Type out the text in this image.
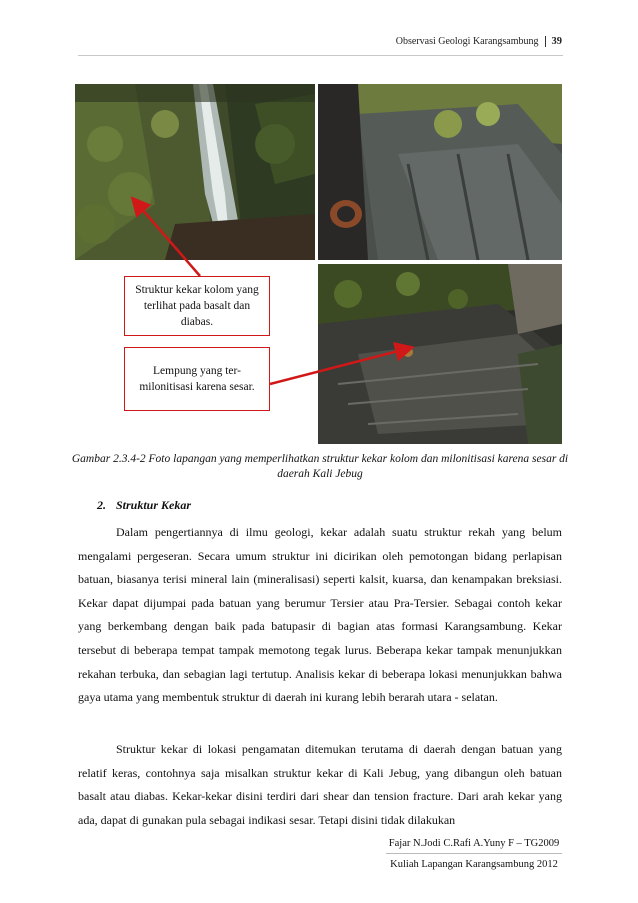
Observasi Geologi Karangsambung 39
Struktur kekar kolom yang terlihat pada basalt dan diabas.
Lempung yang ter-milonitisasi karena sesar.
Gambar 2.3.4-2 Foto lapangan yang memperlihatkan struktur kekar kolom dan milonitisasi karena sesar di daerah Kali Jebug
2. Struktur Kekar
Dalam pengertiannya di ilmu geologi, kekar adalah suatu struktur rekah yang belum mengalami pergeseran. Secara umum struktur ini dicirikan oleh pemotongan bidang perlapisan batuan, biasanya terisi mineral lain (mineralisasi) seperti kalsit, kuarsa, dan kenampakan breksiasi. Kekar dapat dijumpai pada batuan yang berumur Tersier atau Pra-Tersier. Sebagai contoh kekar yang berkembang dengan baik pada batupasir di bagian atas formasi Karangsambung. Kekar tersebut di beberapa tempat tampak memotong tegak lurus. Beberapa kekar tampak menunjukkan rekahan terbuka, dan sebagian lagi tertutup. Analisis kekar di beberapa lokasi menunjukkan bahwa gaya utama yang membentuk struktur di daerah ini kurang lebih berarah utara - selatan.
Struktur kekar di lokasi pengamatan ditemukan terutama di daerah dengan batuan yang relatif keras, contohnya saja misalkan struktur kekar di Kali Jebug, yang dibangun oleh batuan basalt atau diabas. Kekar-kekar disini terdiri dari shear dan tension fracture. Dari arah kekar yang ada, dapat di gunakan pula sebagai indikasi sesar. Tetapi disini tidak dilakukan
Fajar N.Jodi C.Rafi A.Yuny F – TG2009
Kuliah Lapangan Karangsambung 2012
